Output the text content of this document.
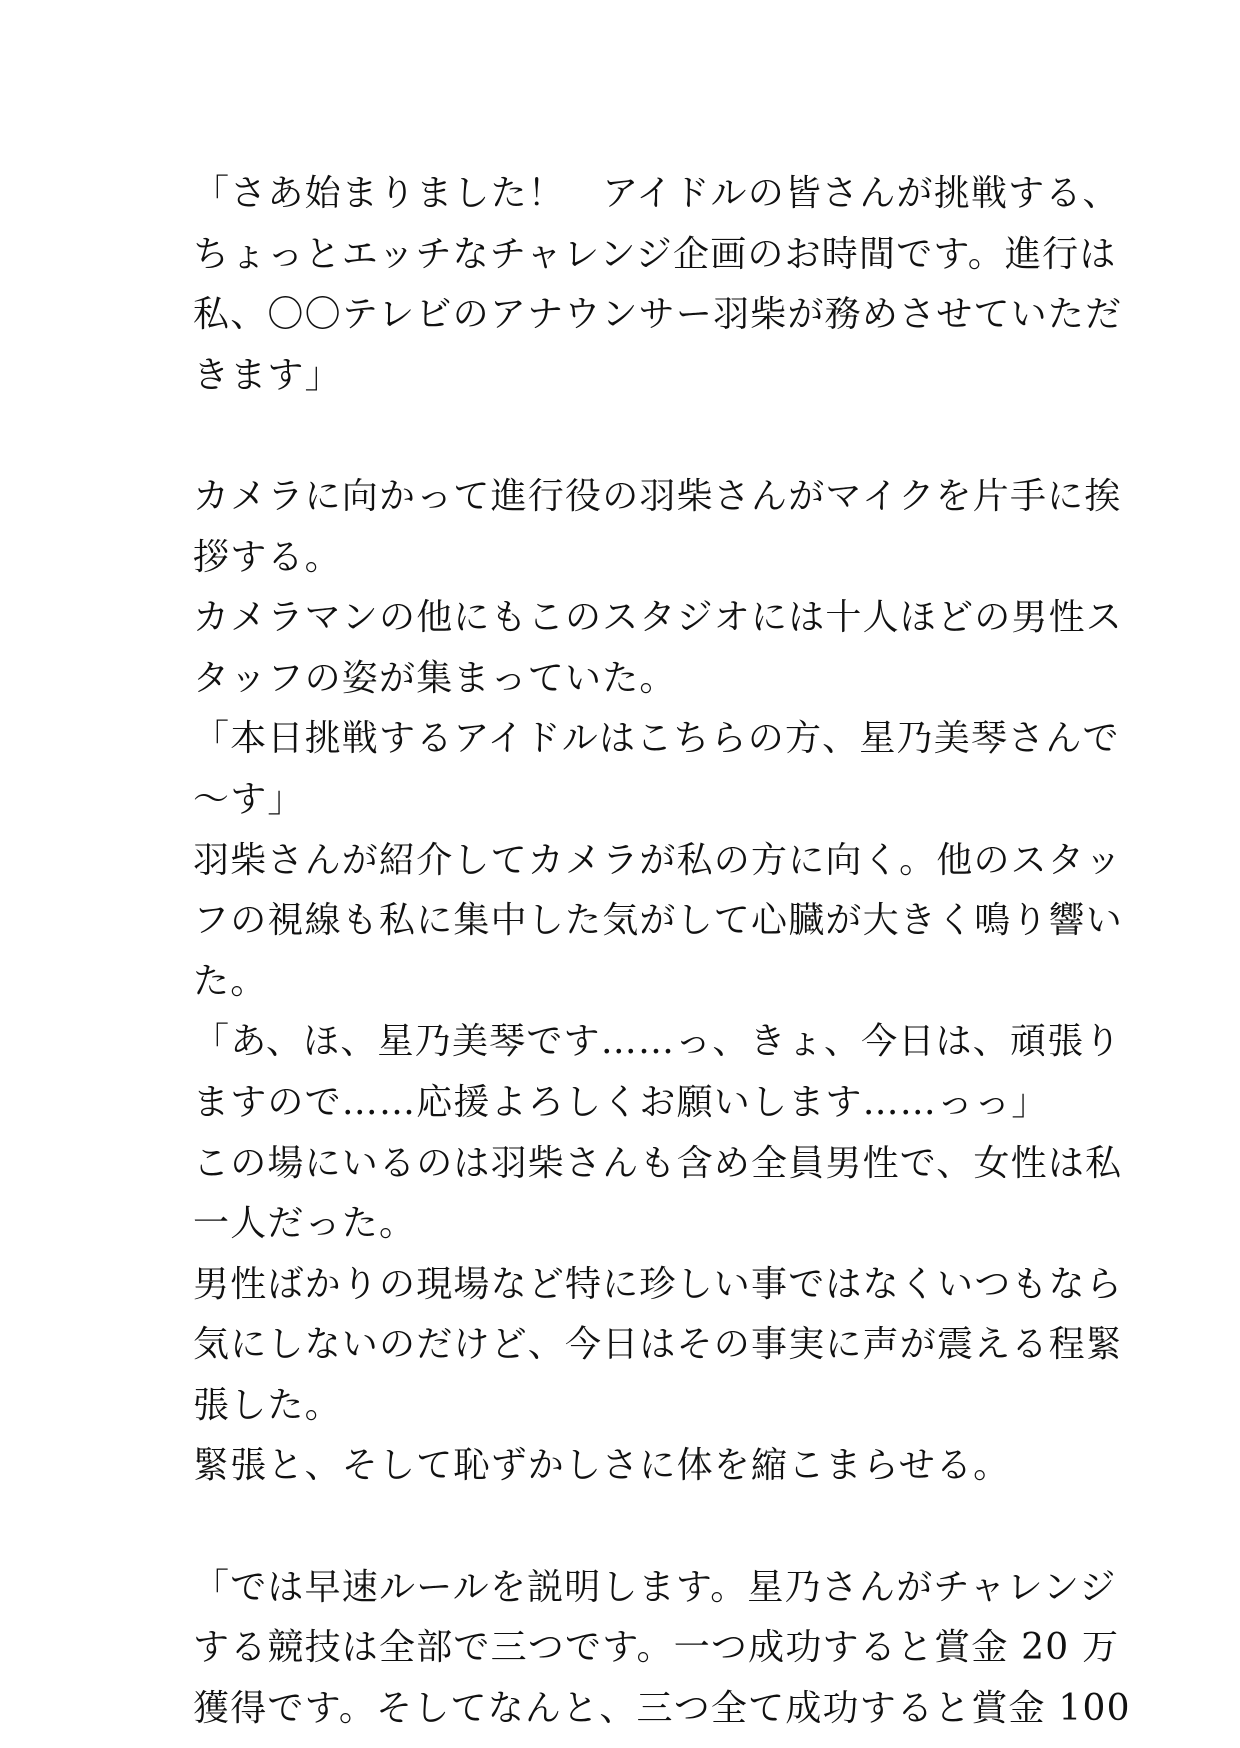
「さあ始まりました！　アイドルの皆さんが挑戦する、
ちょっとエッチなチャレンジ企画のお時間です。進行は
私、〇〇テレビのアナウンサー羽柴が務めさせていただ
きます」
カメラに向かって進行役の羽柴さんがマイクを片手に挨
拶する。
カメラマンの他にもこのスタジオには十人ほどの男性ス
タッフの姿が集まっていた。
「本日挑戦するアイドルはこちらの方、星乃美琴さんで
〜す」
羽柴さんが紹介してカメラが私の方に向く。他のスタッ
フの視線も私に集中した気がして心臓が大きく鳴り響い
た。
「あ、ほ、星乃美琴です……っ、きょ、今日は、頑張り
ますので……応援よろしくお願いします……っっ」
この場にいるのは羽柴さんも含め全員男性で、女性は私
一人だった。
男性ばかりの現場など特に珍しい事ではなくいつもなら
気にしないのだけど、今日はその事実に声が震える程緊
張した。
緊張と、そして恥ずかしさに体を縮こまらせる。
「では早速ルールを説明します。星乃さんがチャレンジ
する競技は全部で三つです。一つ成功すると賞金 20 万
獲得です。そしてなんと、三つ全て成功すると賞金 100
